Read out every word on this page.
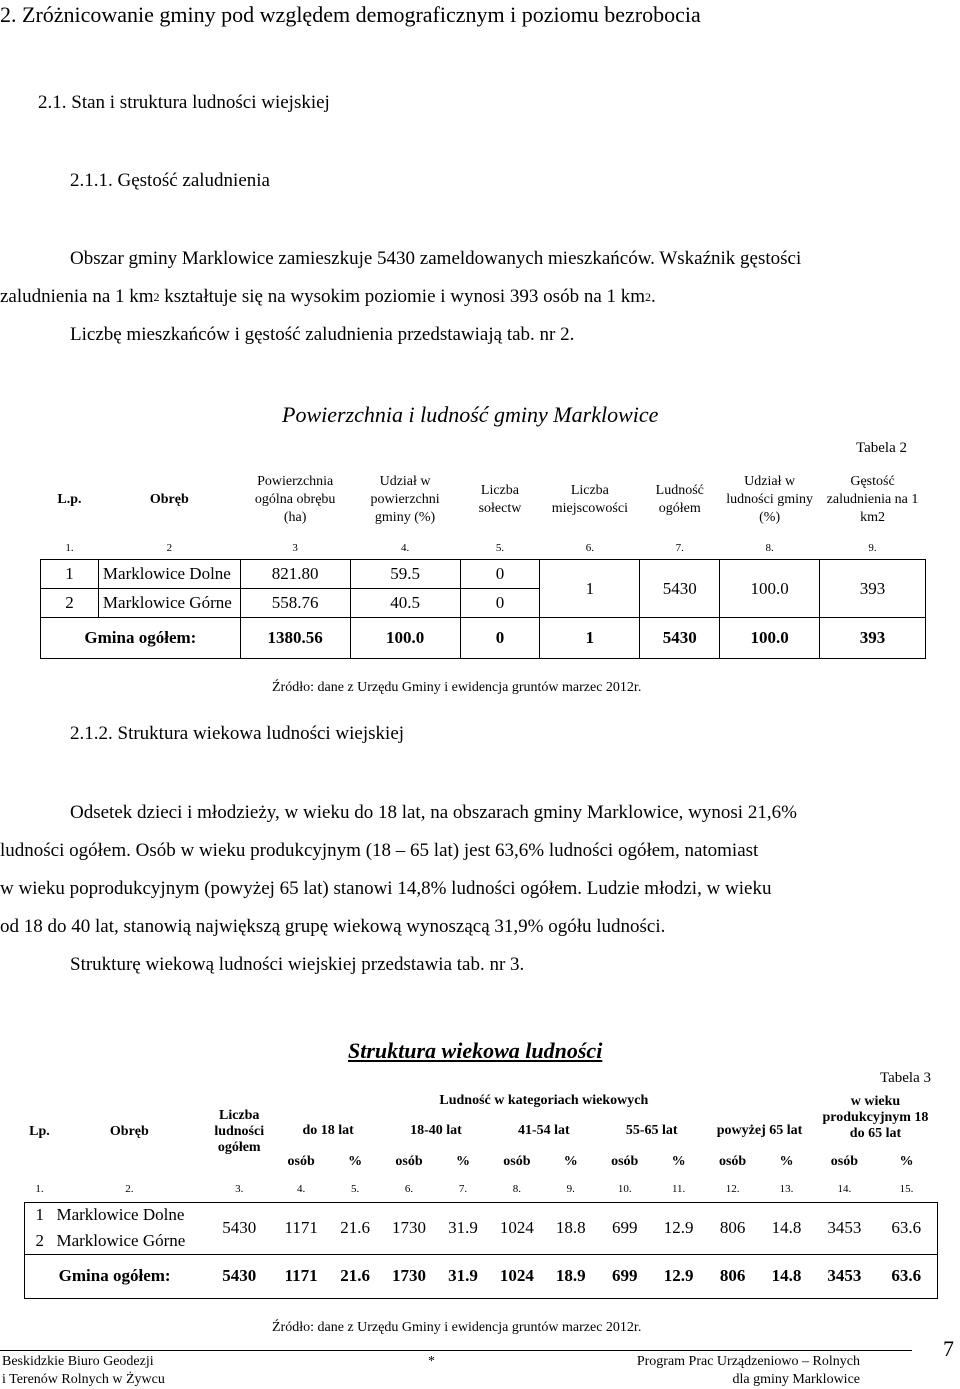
2. Zróżnicowanie gminy pod względem demograficznym i poziomu bezrobocia
2.1. Stan i struktura ludności wiejskiej
2.1.1. Gęstość zaludnienia
Obszar gminy Marklowice zamieszkuje 5430 zameldowanych mieszkańców. Wskaźnik gęstości
zaludnienia na 1 $km^2$ kształtuje się na wysokim poziomie i wynosi 393 osób na 1 $km^2$.
Liczbę mieszkańców i gęstość zaludnienia przedstawiają tab. nr 2.
Powierzchnia i ludność gminy Marklowice
Tabela 2
L.p.	Obręb	Powierzchnia ogólna obrębu (ha)	Udział w powierzchni gminy (%)	Liczba sołectw	Liczba miejscowości	Ludność ogółem	Udział w ludności gminy (%)	Gęstość zaludnienia na 1 km2
1.	2	3	4.	5.	6.	7.	8.	9.
1	Marklowice Dolne	821.80	59.5	0	1	5430	100.0	393
2	Marklowice Górne	558.76	40.5	0				
Gmina ogółem:		1380.56	100.0	0	1	5430	100.0	393
Źródło: dane z Urzędu Gminy i ewidencja gruntów marzec 2012r.
2.1.2. Struktura wiekowa ludności wiejskiej
Odsetek dzieci i młodzieży, w wieku do 18 lat, na obszarach gminy Marklowice, wynosi 21,6%
ludności ogółem. Osób w wieku produkcyjnym (18 – 65 lat) jest 63,6% ludności ogółem, natomiast
w wieku poprodukcyjnym (powyżej 65 lat) stanowi 14,8% ludności ogółem. Ludzie młodzi, w wieku
od 18 do 40 lat, stanowią największą grupę wiekową wynoszącą 31,9% ogółu ludności.
Strukturę wiekową ludności wiejskiej przedstawia tab. nr 3.
Struktura wiekowa ludności
Tabela 3
Lp.	Obręb	Liczba ludności ogółem	Ludność w kategoriach wiekowych										w wieku produkcyjnym 18 do 65 lat	
			do 18 lat		18-40 lat		41-54 lat		55-65 lat		powyżej 65 lat			
			osób	%	osób	%	osób	%	osób	%	osób	%	osób	%
1.	2.	3.	4.	5.	6.	7.	8.	9.	10.	11.	12.	13.	14.	15.
1	Marklowice Dolne	5430	1171	21.6	1730	31.9	1024	18.8	699	12.9	806	14.8	3453	63.6
2	Marklowice Górne													
Gmina ogółem:		5430	1171	21.6	1730	31.9	1024	18.9	699	12.9	806	14.8	3453	63.6
Źródło: dane z Urzędu Gminy i ewidencja gruntów marzec 2012r.
Beskidzkie Biuro Geodezji
i Terenów Rolnych w Żywcu
*	Program Prac Urządzeniowo – Rolnych
dla gminy Marklowice
7
